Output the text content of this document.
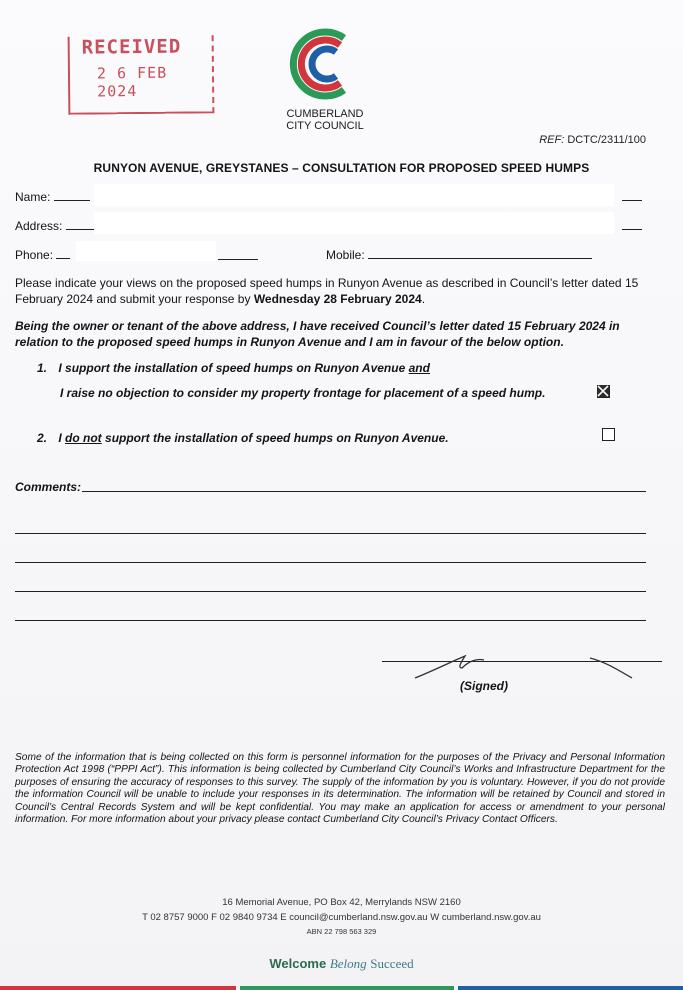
RECEIVED
2 6 FEB 2024
CUMBERLAND
CITY COUNCIL
REF: DCTC/2311/100
RUNYON AVENUE, GREYSTANES – CONSULTATION FOR PROPOSED SPEED HUMPS
Name:
Address:
Phone:	Mobile:
Please indicate your views on the proposed speed humps in Runyon Avenue as described in Council’s letter dated 15 February 2024 and submit your response by Wednesday 28 February 2024.
Being the owner or tenant of the above address, I have received Council’s letter dated 15 February 2024 in relation to the proposed speed humps in Runyon Avenue and I am in favour of the below option.
1. I support the installation of speed humps on Runyon Avenue and
I raise no objection to consider my property frontage for placement of a speed hump.
2. I do not support the installation of speed humps on Runyon Avenue.
Comments:
(Signed)
Some of the information that is being collected on this form is personnel information for the purposes of the Privacy and Personal Information Protection Act 1998 (“PPPI Act”). This information is being collected by Cumberland City Council’s Works and Infrastructure Department for the purposes of ensuring the accuracy of responses to this survey. The supply of the information by you is voluntary. However, if you do not provide the information Council will be unable to include your responses in its determination. The information will be retained by Council and stored in Council’s Central Records System and will be kept confidential. You may make an application for access or amendment to your personal information. For more information about your privacy please contact Cumberland City Council’s Privacy Contact Officers.
16 Memorial Avenue, PO Box 42, Merrylands NSW 2160
T 02 8757 9000 F 02 9840 9734 E council@cumberland.nsw.gov.au W cumberland.nsw.gov.au
ABN 22 798 563 329
Welcome Belong Succeed
